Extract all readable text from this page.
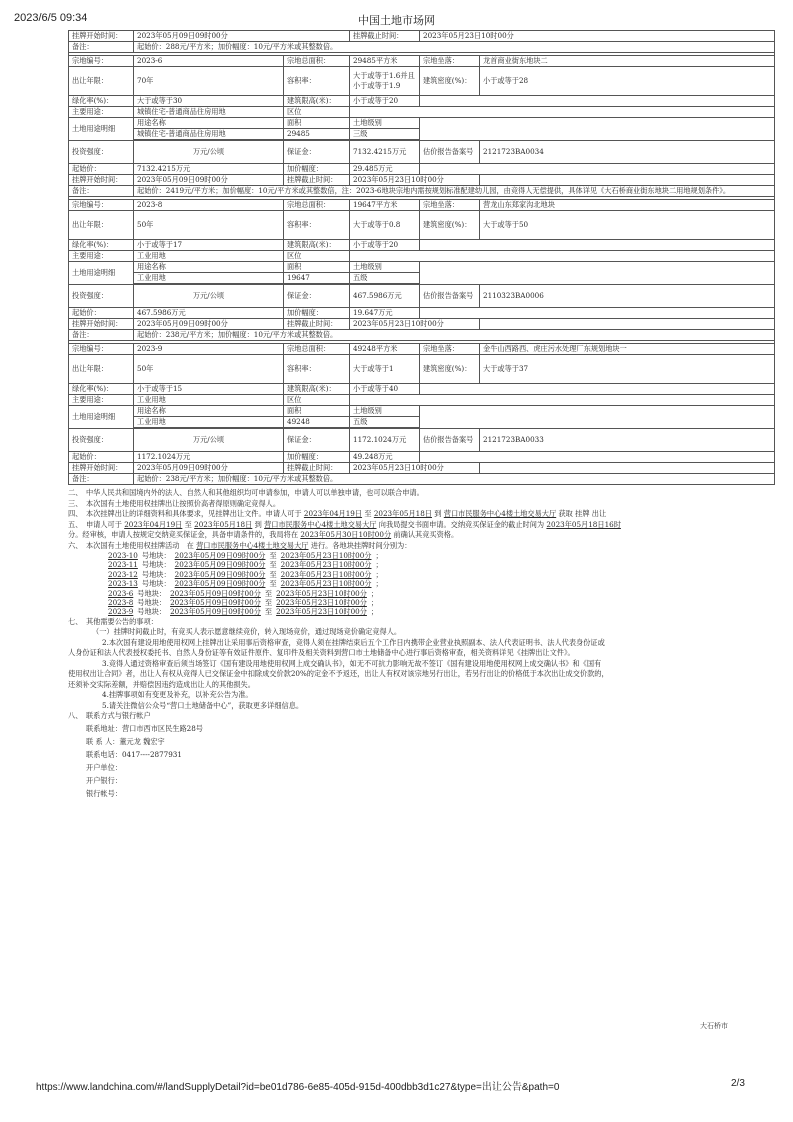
2023/6/5 09:34	中国土地市场网
挂牌开始时间：	2023年05月09日09时00分		挂牌截止时间：	2023年05月23日10时00分	
备注：	起始价：288元/平方米；加价幅度：10元/平方米或其整数倍。				

宗地编号：	2023-6	宗地总面积：	29485平方米	宗地坐落：	龙首商业街东地块二
出让年限：	70年	容积率：	大于或等于1.6并且小于或等于1.9	建筑密度(%)：	小于或等于28
绿化率(%)：	大于或等于30	建筑限高(米)：	小于或等于20		
主要用途：	城镇住宅-普通商品住房用地	区位			
土地用途明细	用途名称	面积	土地级别		
	城镇住宅-普通商品住房用地	29485	三级		

投资强度：	万元/公顷	保证金：	7132.4215万元	估价报告备案号	2121723BA0034
起始价：	7132.4215万元	加价幅度：	29.485万元		
挂牌开始时间：	2023年05月09日09时00分	挂牌截止时间：	2023年05月23日10时00分		
备注：	起始价：2419元/平方米；加价幅度：10元/平方米或其整数倍，注：2023-6地块宗地内需按规划标准配建幼儿园，由竞得人无偿提供，具体详见《大石桥商业街东地块二用地规划条件》。				

宗地编号：	2023-8	宗地总面积：	19647平方米	宗地坐落：	营龙山东郑家沟北地块
出让年限：	50年	容积率：	大于或等于0.8	建筑密度(%)：	大于或等于50
绿化率(%)：	小于或等于17	建筑限高(米)：	小于或等于20		
主要用途：	工业用地	区位			
土地用途明细	用途名称	面积	土地级别		
	工业用地	19647	五级		

投资强度：	万元/公顷	保证金：	467.5986万元	估价报告备案号	2110323BA0006
起始价：	467.5986万元	加价幅度：	19.647万元		
挂牌开始时间：	2023年05月09日09时00分	挂牌截止时间：	2023年05月23日10时00分		
备注：	起始价：238元/平方米；加价幅度：10元/平方米或其整数倍。				

宗地编号：	2023-9	宗地总面积：	49248平方米	宗地坐落：	金牛山西路西、虎庄污水处理厂东规划地块一
出让年限：	50年	容积率：	大于或等于1	建筑密度(%)：	大于或等于37
绿化率(%)：	小于或等于15	建筑限高(米)：	小于或等于40		
主要用途：	工业用地	区位			
土地用途明细	用途名称	面积	土地级别		
	工业用地	49248	五级		

投资强度：	万元/公顷	保证金：	1172.1024万元	估价报告备案号	2121723BA0033
起始价：	1172.1024万元	加价幅度：	49.248万元		
挂牌开始时间：	2023年05月09日09时00分	挂牌截止时间：	2023年05月23日10时00分		
备注：	起始价：238元/平方米；加价幅度：10元/平方米或其整数倍。				

二、　中华人民共和国境内外的法人、自然人和其他组织均可申请参加，申请人可以单独申请，也可以联合申请。

三、　本次国有土地使用权挂牌出让按照价高者得原则确定竞得人。

四、　本次挂牌出让的详细资料和具体要求，见挂牌出让文件。申请人可于 2023年04月19日 至 2023年05月18日 到 营口市民服务中心4楼土地交易大厅 获取 挂牌 出让

五、　申请人可于 2023年04月19日 至 2023年05月18日 到 营口市民服务中心4楼土地交易大厅 向我局提交书面申请。交纳竞买保证金的截止时间为 2023年05月18日16时

分。经审核，申请人按规定交纳竞买保证金，具备申请条件的，我局将在 2023年05月30日10时00分 前确认其竞买资格。

六、　本次国有土地使用权挂牌活动　在 营口市民服务中心4楼土地交易大厅 进行。各地块挂牌时间分别为：

2023-10 号地块： 2023年05月09日09时00分 至 2023年05月23日10时00分 ；

2023-11 号地块： 2023年05月09日09时00分 至 2023年05月23日10时00分 ；

2023-12 号地块： 2023年05月09日09时00分 至 2023年05月23日10时00分 ；

2023-13 号地块： 2023年05月09日09时00分 至 2023年05月23日10时00分 ；

2023-6 号地块： 2023年05月09日09时00分 至 2023年05月23日10时00分 ；

2023-8 号地块： 2023年05月09日09时00分 至 2023年05月23日10时00分 ；

2023-9 号地块： 2023年05月09日09时00分 至 2023年05月23日10时00分 ；

七、　其他需要公告的事项：

（一）挂牌时间截止时，有竞买人表示愿意继续竞价，转入现场竞价，通过现场竞价确定竞得人。

2.本次国有建设用地使用权网上挂牌出让采用事后资格审查，竞得人须在挂牌结束后五个工作日内携带企业营业执照副本、法人代表证明书、法人代表身份证或

人身份证和法人代表授权委托书、自然人身份证等有效证件原件、复印件及相关资料到营口市土地储备中心进行事后资格审查，相关资料详见《挂牌出让文件》。

3.竞得人通过资格审查后须当场签订《国有建设用地使用权网上成交确认书》，如无不可抗力影响无故不签订《国有建设用地使用权网上成交确认书》和《国有

使用权出让合同》者，出让人有权从竞得人已交保证金中扣除成交价款20%的定金不予返还，出让人有权对该宗地另行出让，若另行出让的价格低于本次出让成交价款的，

还须补交实际差额，并赔偿因违约造成出让人的其他损失。

4.挂牌事项如有变更及补充，以补充公告为准。

5.请关注微信公众号“营口土地储备中心”，获取更多详细信息。

八、　联系方式与银行帐户

联系地址：营口市西市区民生路28号

联 系 人：董元龙 魏宏宇

联系电话：0417----2877931

开户单位：

开户银行：

银行帐号：

大石桥市
https://www.landchina.com/#/landSupplyDetail?id=be01d786-6e85-405d-915d-400dbb3d1c27&type=出让公告&path=0	2/3
